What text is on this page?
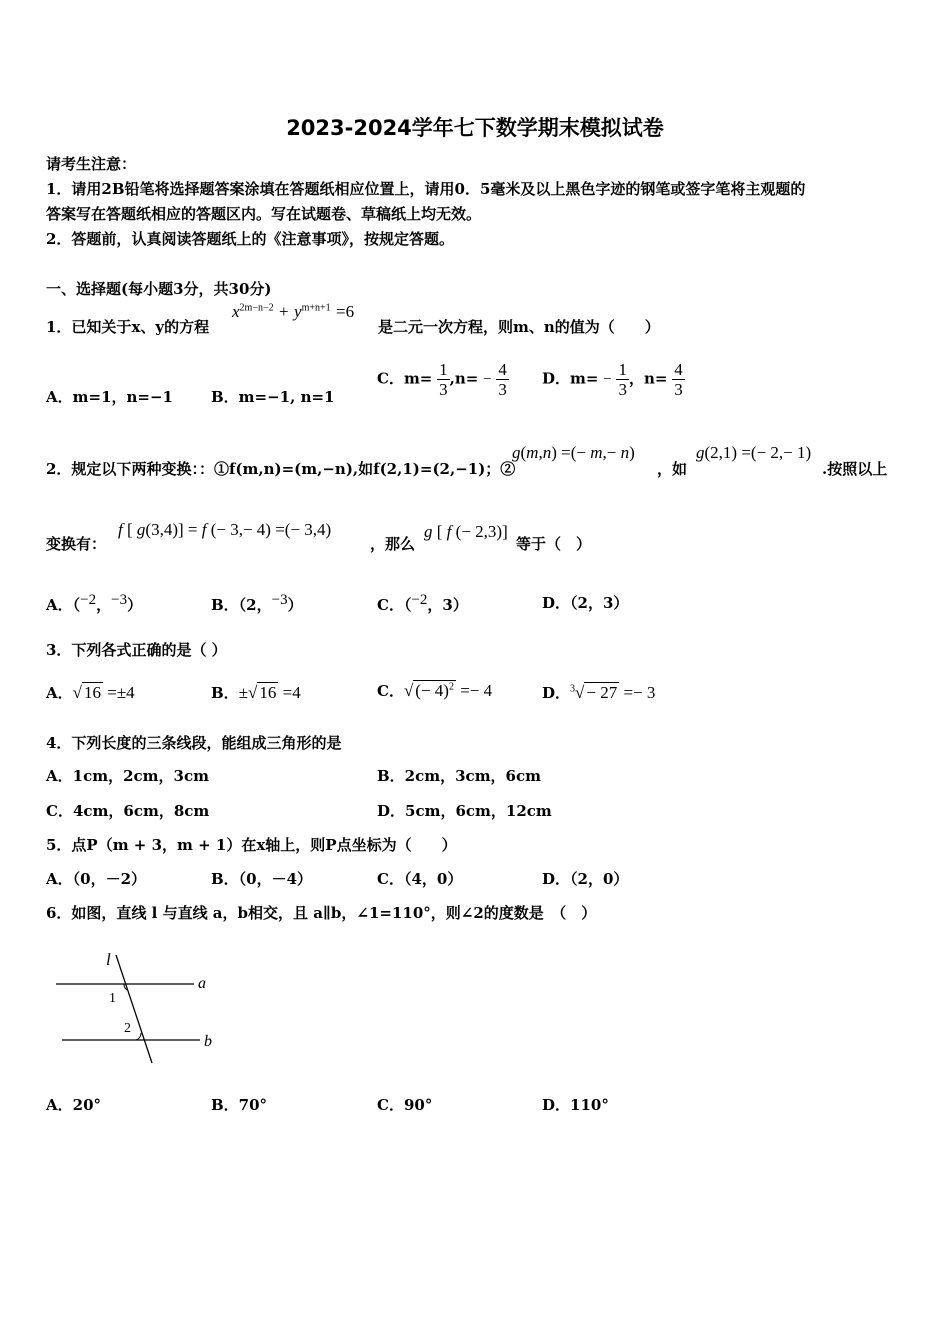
2023-2024学年七下数学期末模拟试卷
请考生注意：
1．请用2B铅笔将选择题答案涂填在答题纸相应位置上，请用0．5毫米及以上黑色字迹的钢笔或签字笔将主观题的
答案写在答题纸相应的答题区内。写在试题卷、草稿纸上均无效。
2．答题前，认真阅读答题纸上的《注意事项》，按规定答题。
一、选择题(每小题3分，共30分)
1．已知关于x、y的方程
$x^{2m-n-2} + y^{m+n+1} =6$
是二元一次方程，则m、n的值为（　　）
A．m=1，n=−1	B．m=−1, n=1
C．$m= \frac{1}{3} ,n= - \frac{4}{3}$ D．$m= - \frac{1}{3}$ ，$n= \frac{4}{3}$
2．规定以下两种变换：：①f(m,n)=(m,−n),如f(2,1)=(2,−1)；②
g(m,n) =(− m,− n)
，如
g(2,1) =(− 2,− 1)
.按照以上
变换有：
f [ g(3,4)] = f (− 3,− 4) =(− 3,4)
，那么
g [ f (− 2,3)]
等于（　）
A．（$^{-2}$，$^{-3}$）	B．（2，$^{-3}$）	C．（$^{-2}$，3）	D．（2，3）
3．下列各式正确的是（ ）
A．√ 16 =±4	B．±√ 16 =4	C．√ (− 4)$^2$ =− 4	D．$^3$√ − 27 =− 3
4．下列长度的三条线段，能组成三角形的是
A．1cm，2cm，3cm	B．2cm，3cm，6cm
C．4cm，6cm，8cm	D．5cm，6cm，12cm
5．点P（m + 3，m + 1）在x轴上，则P点坐标为（　　）
A．（0，－2）	B．（0，－4）	C．（4，0）	D．（2，0）
6．如图，直线 l 与直线 a，b相交，且 a∥b，∠1=110°，则∠2的度数是　（　）
l
a
b
1
2
A．20°	B．70°	C．90°	D．110°
